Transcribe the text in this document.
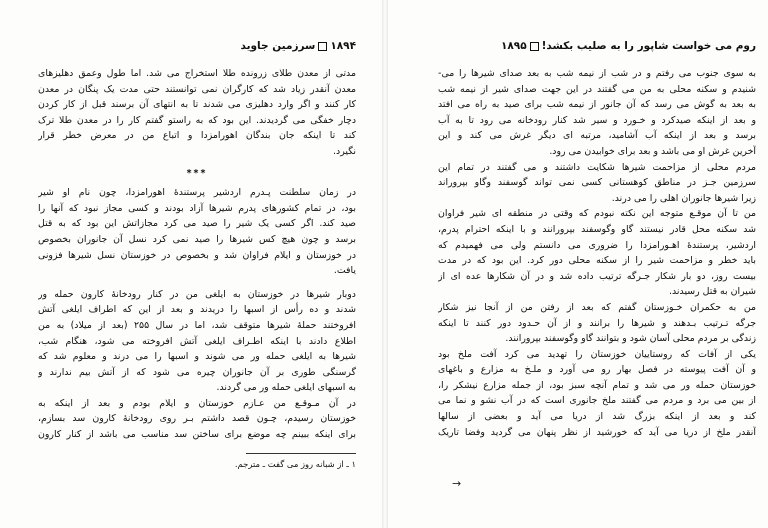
۱۸۹۴سرزمین جاوید
مدتی از معدن طلای زرونده طلا استخراج می شد. اما طول وعمق دهلیزهای
معدن آنقدر زیاد شد که کارگران نمی توانستند حتی مدت یک پنگان در معدن
کار کنند و اگر وارد دهلیزی می شدند تا به انتهای آن برسند قبل از کار کردن
دچار خفگی می گردیدند. این بود که به راستو گفتم کار را در معدن طلا ترک
کند تا اینکه جان بندگان اهورامزدا و اتباع من در معرض خطر قرار
نگیرد.
***
در زمان سلطنت پـدرم اردشیر پرستندۀ اهورامزدا، چون نام او شیر
بود، در تمام کشورهای پدرم شیرها آزاد بودند و کسی مجاز نبود که آنها را
صید کند. اگر کسی یک شیر را صید می کرد مجازاتش این بود که به قتل
برسد و چون هیچ کس شیرها را صید نمی کرد نسل آن جانوران بخصوص
در خوزستان و ایلام فراوان شد و بخصوص در خوزستان نسل شیرها فزونی
یافت.
دوبار شیرها در خوزستان به ایلغی من در کنار رودخانۀ کارون حمله ور
شدند و ده رأس از اسبها را دریدند و بعد از این که اطراف ایلغی آتش
افروختند حملۀ شیرها متوقف شد، اما در سال ۲۵۵ (بعد از میلاد) به من
اطلاع دادند با اینکه اطـراف ایلغی آتش افروخته می شود، هنگام شب،
شیرها به ایلغی حمله ور می شوند و اسبها را می درند و معلوم شد که
گرسنگی طوری بر آن جانوران چیره می شود که از آتش بیم ندارند و
به اسبهای ایلغی حمله ور می گردند.
در آن مـوقـع من عـازم خوزستان و ایلام بودم و بعد از اینکه به
خوزستان رسیدم، چـون قصد داشتم بـر روی رودخانۀ کارون سد بسازم،
برای اینکه ببینم چه موضع برای ساختن سد مناسب می باشد از کنار کارون
۱ ـ از شبانه روز می گفت ـ مترجم.
روم می خواست شاپور را به صلیب بکشد!۱۸۹۵
به سوی جنوب می رفتم و در شب از نیمه شب به بعد صدای شیرها را می-
شنیدم و سکنه محلی به من می گفتند در این جهت صدای شیر از نیمه شب
به بعد به گوش می رسد که آن جانور از نیمه شب برای صید به راه می افتد
و بعد از اینکه صیدکرد و خـورد و سیر شد کنار رودخانه می رود تا به آب
برسد و بعد از اینکه آب آشامید، مرتبه ای دیگر غرش می کند و این
آخرین غرش او می باشد و بعد برای خوابیدن می رود.
مردم محلی از مزاحمت شیرها شکایت داشتند و می گفتند در تمام این
سرزمین جـز در مناطق کوهستانی کسی نمی تواند گوسفند وگاو بپروراند
زیرا شیرها جانوران اهلی را می درند.
من تا آن موقـع متوجه این نکته نبودم که وقتی در منطقه ای شیر فراوان
شد سکنه محل قادر نیستند گاو وگوسفند بپرورانند و با اینکه احترام پدرم،
اردشیر، پرستندۀ اهـورامزدا را ضروری می دانستم ولی می فهمیدم که
باید خطر و مزاحمت شیر را از سکنه محلی دور کرد. این بود که در مدت
بیست روز، دو بار شکار جـرگه ترتیب داده شد و در آن شکارها عده ای از
شیران به قتل رسیدند.
من به حکمران خـوزستان گفتم که بعد از رفتن من از آنجا نیز شکار
جرگه تـرتیب بـدهند و شیرها را برانند و از آن حـدود دور کنند تا اینکه
زندگی بر مردم محلی آسان شود و بتوانند گاو وگوسفند بپرورانند.
یکی از آفات که روستاییان خوزستان را تهدید می کرد آفت ملخ بود
و آن آفت پیوسته در فصل بهار رو می آورد و ملـخ به مزارع و باغهای
خوزستان حمله ور می شد و تمام آنچه سبز بود، از جمله مزارع نیشکر را،
از بین می برد و مردم می گفتند ملخ جانوری است که در آب نشو و نما می
کند و بعد از اینکه بزرگ شد از دریا می آید و بعضی از سالها
آنقدر ملخ از دریا می آید که خورشید از نظر پنهان می گردید وفضا تاریک
→
